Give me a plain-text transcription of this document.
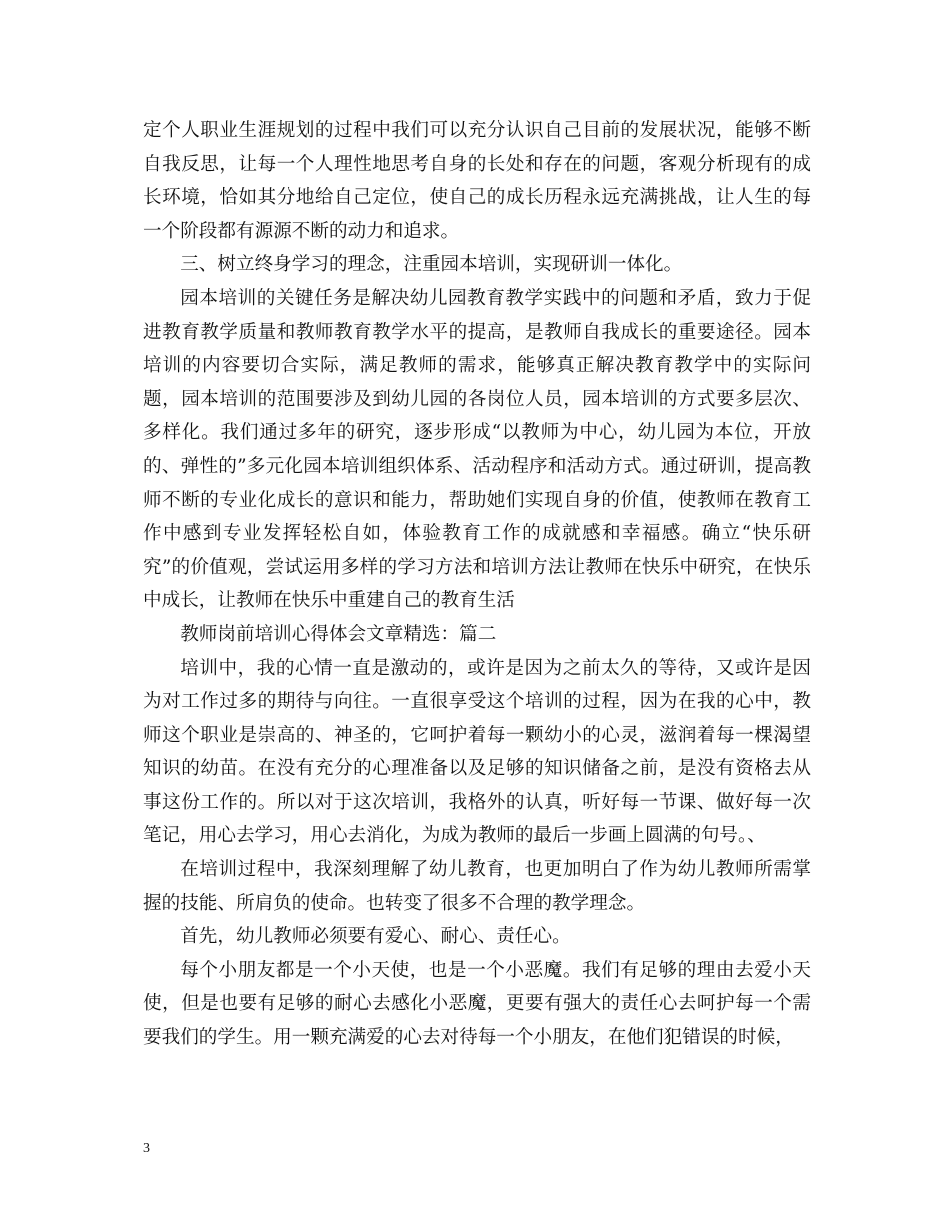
定个人职业生涯规划的过程中我们可以充分认识自己目前的发展状况，能够不断自我反思，让每一个人理性地思考自身的长处和存在的问题，客观分析现有的成长环境，恰如其分地给自己定位，使自己的成长历程永远充满挑战，让人生的每一个阶段都有源源不断的动力和追求。

三、树立终身学习的理念，注重园本培训，实现研训一体化。

园本培训的关键任务是解决幼儿园教育教学实践中的问题和矛盾，致力于促进教育教学质量和教师教育教学水平的提高，是教师自我成长的重要途径。园本培训的内容要切合实际，满足教师的需求，能够真正解决教育教学中的实际问题，园本培训的范围要涉及到幼儿园的各岗位人员，园本培训的方式要多层次、多样化。我们通过多年的研究，逐步形成“以教师为中心，幼儿园为本位，开放的、弹性的”多元化园本培训组织体系、活动程序和活动方式。通过研训，提高教师不断的专业化成长的意识和能力，帮助她们实现自身的价值，使教师在教育工作中感到专业发挥轻松自如，体验教育工作的成就感和幸福感。确立“快乐研究”的价值观，尝试运用多样的学习方法和培训方法让教师在快乐中研究，在快乐中成长，让教师在快乐中重建自己的教育生活

教师岗前培训心得体会文章精选：篇二

培训中，我的心情一直是激动的，或许是因为之前太久的等待，又或许是因为对工作过多的期待与向往。一直很享受这个培训的过程，因为在我的心中，教师这个职业是崇高的、神圣的，它呵护着每一颗幼小的心灵，滋润着每一棵渴望知识的幼苗。在没有充分的心理准备以及足够的知识储备之前，是没有资格去从事这份工作的。所以对于这次培训，我格外的认真，听好每一节课、做好每一次笔记，用心去学习，用心去消化，为成为教师的最后一步画上圆满的句号。、

在培训过程中，我深刻理解了幼儿教育，也更加明白了作为幼儿教师所需掌握的技能、所肩负的使命。也转变了很多不合理的教学理念。

首先，幼儿教师必须要有爱心、耐心、责任心。

每个小朋友都是一个小天使，也是一个小恶魔。我们有足够的理由去爱小天使，但是也要有足够的耐心去感化小恶魔，更要有强大的责任心去呵护每一个需要我们的学生。用一颗充满爱的心去对待每一个小朋友，在他们犯错误的时候，

3
